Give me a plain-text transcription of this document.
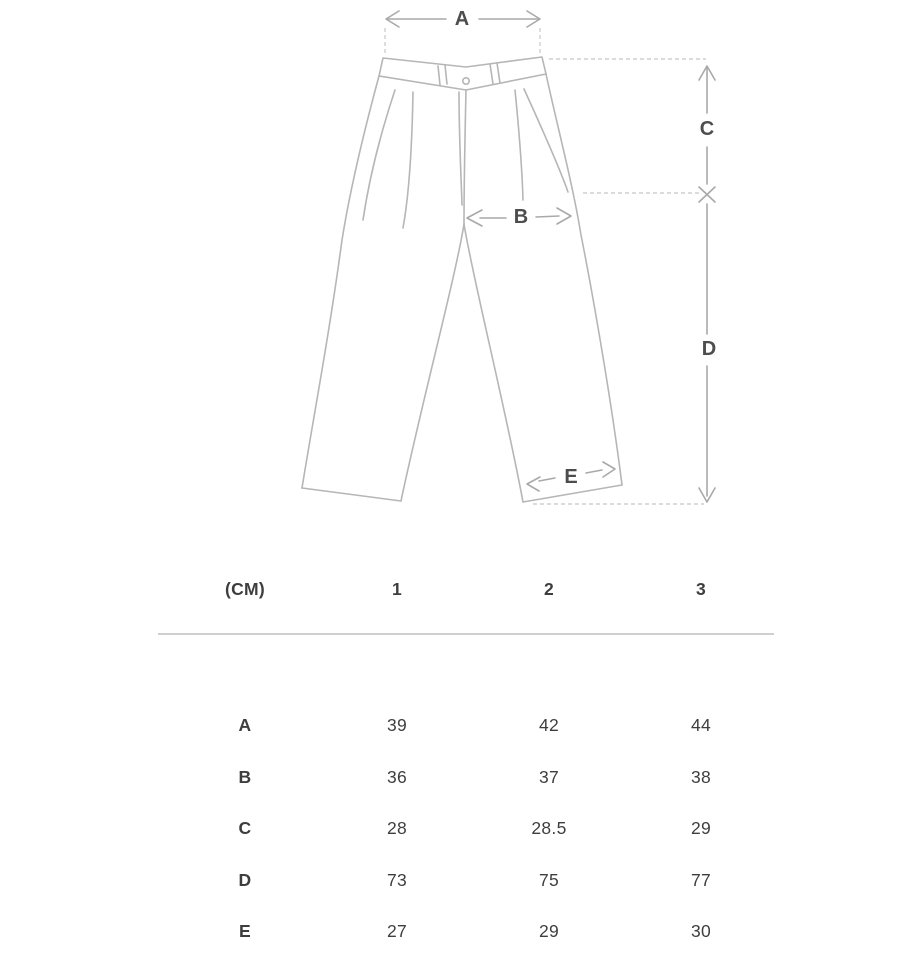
A
C
D
B
E
(CM)	1	2	3
A	39	42	44
B	36	37	38
C	28	28.5	29
D	73	75	77
E	27	29	30
